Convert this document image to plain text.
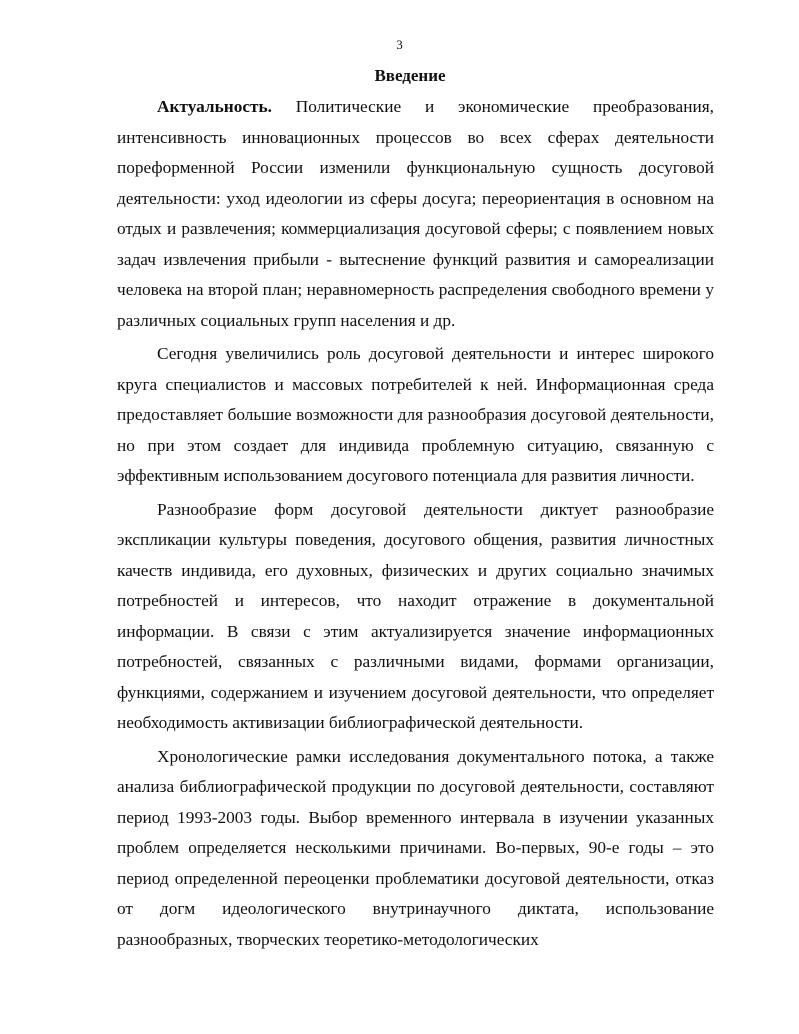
3
Введение

Актуальность. Политические и экономические преобразования, интенсивность инновационных процессов во всех сферах деятельности пореформенной России изменили функциональную сущность досуговой деятельности: уход идеологии из сферы досуга; переориентация в основном на отдых и развлечения; коммерциализация досуговой сферы; с появлением новых задач извлечения прибыли - вытеснение функций развития и самореализации человека на второй план; неравномерность распределения свободного времени у различных социальных групп населения и др.

Сегодня увеличились роль досуговой деятельности и интерес широкого круга специалистов и массовых потребителей к ней. Информационная среда предоставляет большие возможности для разнообразия досуговой деятельности, но при этом создает для индивида проблемную ситуацию, связанную с эффективным использованием досугового потенциала для развития личности.

Разнообразие форм досуговой деятельности диктует разнообразие экспликации культуры поведения, досугового общения, развития личностных качеств индивида, его духовных, физических и других социально значимых потребностей и интересов, что находит отражение в документальной информации. В связи с этим актуализируется значение информационных потребностей, связанных с различными видами, формами организации, функциями, содержанием и изучением досуговой деятельности, что определяет необходимость активизации библиографической деятельности.

Хронологические рамки исследования документального потока, а также анализа библиографической продукции по досуговой деятельности, составляют период 1993-2003 годы. Выбор временного интервала в изучении указанных проблем определяется несколькими причинами. Во-первых, 90-е годы – это период определенной переоценки проблематики досуговой деятельности, отказ от догм идеологического внутринаучного диктата, использование разнообразных, творческих теоретико-методологических
